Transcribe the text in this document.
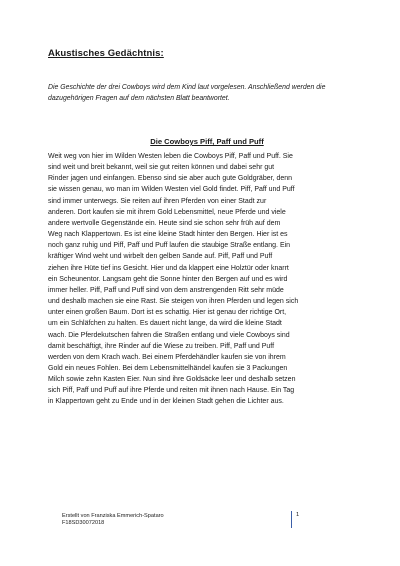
Akustisches Gedächtnis:
Die Geschichte der drei Cowboys wird dem Kind laut vorgelesen. Anschließend werden die dazugehörigen Fragen auf dem nächsten Blatt beantwortet.
Die Cowboys Piff, Paff und Puff
Weit weg von hier im Wilden Westen leben die Cowboys Piff, Paff und Puff. Sie
sind weit und breit bekannt, weil sie gut reiten können und dabei sehr gut
Rinder jagen und einfangen. Ebenso sind sie aber auch gute Goldgräber, denn
sie wissen genau, wo man im Wilden Westen viel Gold findet. Piff, Paff und Puff
sind immer unterwegs. Sie reiten auf ihren Pferden von einer Stadt zur
anderen. Dort kaufen sie mit ihrem Gold Lebensmittel, neue Pferde und viele
andere wertvolle Gegenstände ein. Heute sind sie schon sehr früh auf dem
Weg nach Klappertown. Es ist eine kleine Stadt hinter den Bergen. Hier ist es
noch ganz ruhig und Piff, Paff und Puff laufen die staubige Straße entlang. Ein
kräftiger Wind weht und wirbelt den gelben Sande auf. Piff, Paff und Puff
ziehen ihre Hüte tief ins Gesicht. Hier und da klappert eine Holztür oder knarrt
ein Scheunentor. Langsam geht die Sonne hinter den Bergen auf und es wird
immer heller. Piff, Paff und Puff sind von dem anstrengenden Ritt sehr müde
und deshalb machen sie eine Rast. Sie steigen von ihren Pferden und legen sich
unter einen großen Baum. Dort ist es schattig. Hier ist genau der richtige Ort,
um ein Schläfchen zu halten. Es dauert nicht lange, da wird die kleine Stadt
wach. Die Pferdekutschen fahren die Straßen entlang und viele Cowboys sind
damit beschäftigt, ihre Rinder auf die Wiese zu treiben. Piff, Paff und Puff
werden von dem Krach wach. Bei einem Pferdehändler kaufen sie von ihrem
Gold ein neues Fohlen. Bei dem Lebensmittelhändel kaufen sie 3 Packungen
Milch sowie zehn Kasten Eier. Nun sind ihre Goldsäcke leer und deshalb setzen
sich Piff, Paff und Puff auf ihre Pferde und reiten mit ihnen nach Hause. Ein Tag
in Klappertown geht zu Ende und in der kleinen Stadt gehen die Lichter aus.
Erstellt von Franziska Emmerich-Spataro
F18SD30072018
1
